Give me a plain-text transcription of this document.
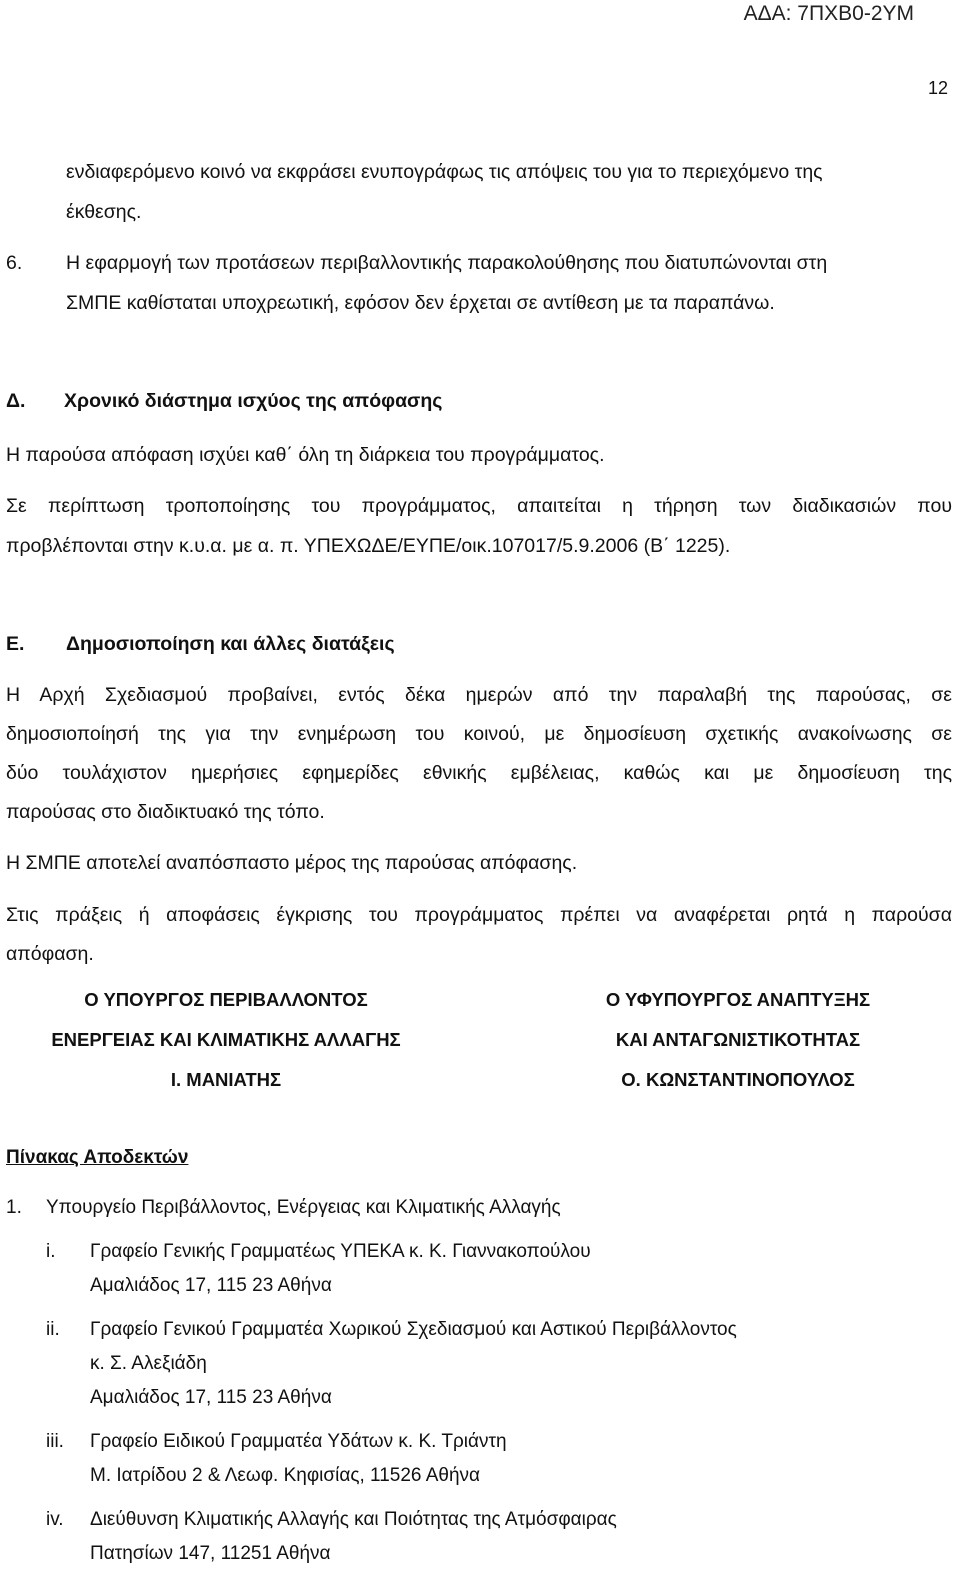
ΑΔΑ: 7ΠΧΒ0-2ΥΜ
12
ενδιαφερόμενο κοινό να εκφράσει ενυπογράφως τις απόψεις του για το περιεχόμενο της
έκθεσης.
6. Η εφαρμογή των προτάσεων περιβαλλοντικής παρακολούθησης που διατυπώνονται στη
ΣΜΠΕ καθίσταται υποχρεωτική, εφόσον δεν έρχεται σε αντίθεση με τα παραπάνω.
Δ. Χρονικό διάστημα ισχύος της απόφασης
Η παρούσα απόφαση ισχύει καθ΄ όλη τη διάρκεια του προγράμματος.
Σε περίπτωση τροποποίησης του προγράμματος, απαιτείται η τήρηση των διαδικασιών που
προβλέπονται στην κ.υ.α. με α. π. ΥΠΕΧΩΔΕ/ΕΥΠΕ/οικ.107017/5.9.2006 (Β΄ 1225).
Ε. Δημοσιοποίηση και άλλες διατάξεις
Η Αρχή Σχεδιασμού προβαίνει, εντός δέκα ημερών από την παραλαβή της παρούσας, σε
δημοσιοποίησή της για την ενημέρωση του κοινού, με δημοσίευση σχετικής ανακοίνωσης σε
δύο τουλάχιστον ημερήσιες εφημερίδες εθνικής εμβέλειας, καθώς και με δημοσίευση της
παρούσας στο διαδικτυακό της τόπο.
Η ΣΜΠΕ αποτελεί αναπόσπαστο μέρος της παρούσας απόφασης.
Στις πράξεις ή αποφάσεις έγκρισης του προγράμματος πρέπει να αναφέρεται ρητά η παρούσα
απόφαση.
Ο ΥΠΟΥΡΓΟΣ ΠΕΡΙΒΑΛΛΟΝΤΟΣ
ΕΝΕΡΓΕΙΑΣ ΚΑΙ ΚΛΙΜΑΤΙΚΗΣ ΑΛΛΑΓΗΣ
Ι. ΜΑΝΙΑΤΗΣ
Ο ΥΦΥΠΟΥΡΓΟΣ ΑΝΑΠΤΥΞΗΣ
ΚΑΙ ΑΝΤΑΓΩΝΙΣΤΙΚΟΤΗΤΑΣ
Ο. ΚΩΝΣΤΑΝΤΙΝΟΠΟΥΛΟΣ
Πίνακας Αποδεκτών
1. Υπουργείο Περιβάλλοντος, Ενέργειας και Κλιματικής Αλλαγής
i. Γραφείο Γενικής Γραμματέως ΥΠΕΚΑ κ. Κ. Γιαννακοπούλου
Αμαλιάδος 17, 115 23 Αθήνα
ii. Γραφείο Γενικού Γραμματέα Χωρικού Σχεδιασμού και Αστικού Περιβάλλοντος
κ. Σ. Αλεξιάδη
Αμαλιάδος 17, 115 23 Αθήνα
iii. Γραφείο Ειδικού Γραμματέα Υδάτων κ. Κ. Τριάντη
Μ. Ιατρίδου 2 & Λεωφ. Κηφισίας, 11526 Αθήνα
iv. Διεύθυνση Κλιματικής Αλλαγής και Ποιότητας της Ατμόσφαιρας
Πατησίων 147, 11251 Αθήνα
